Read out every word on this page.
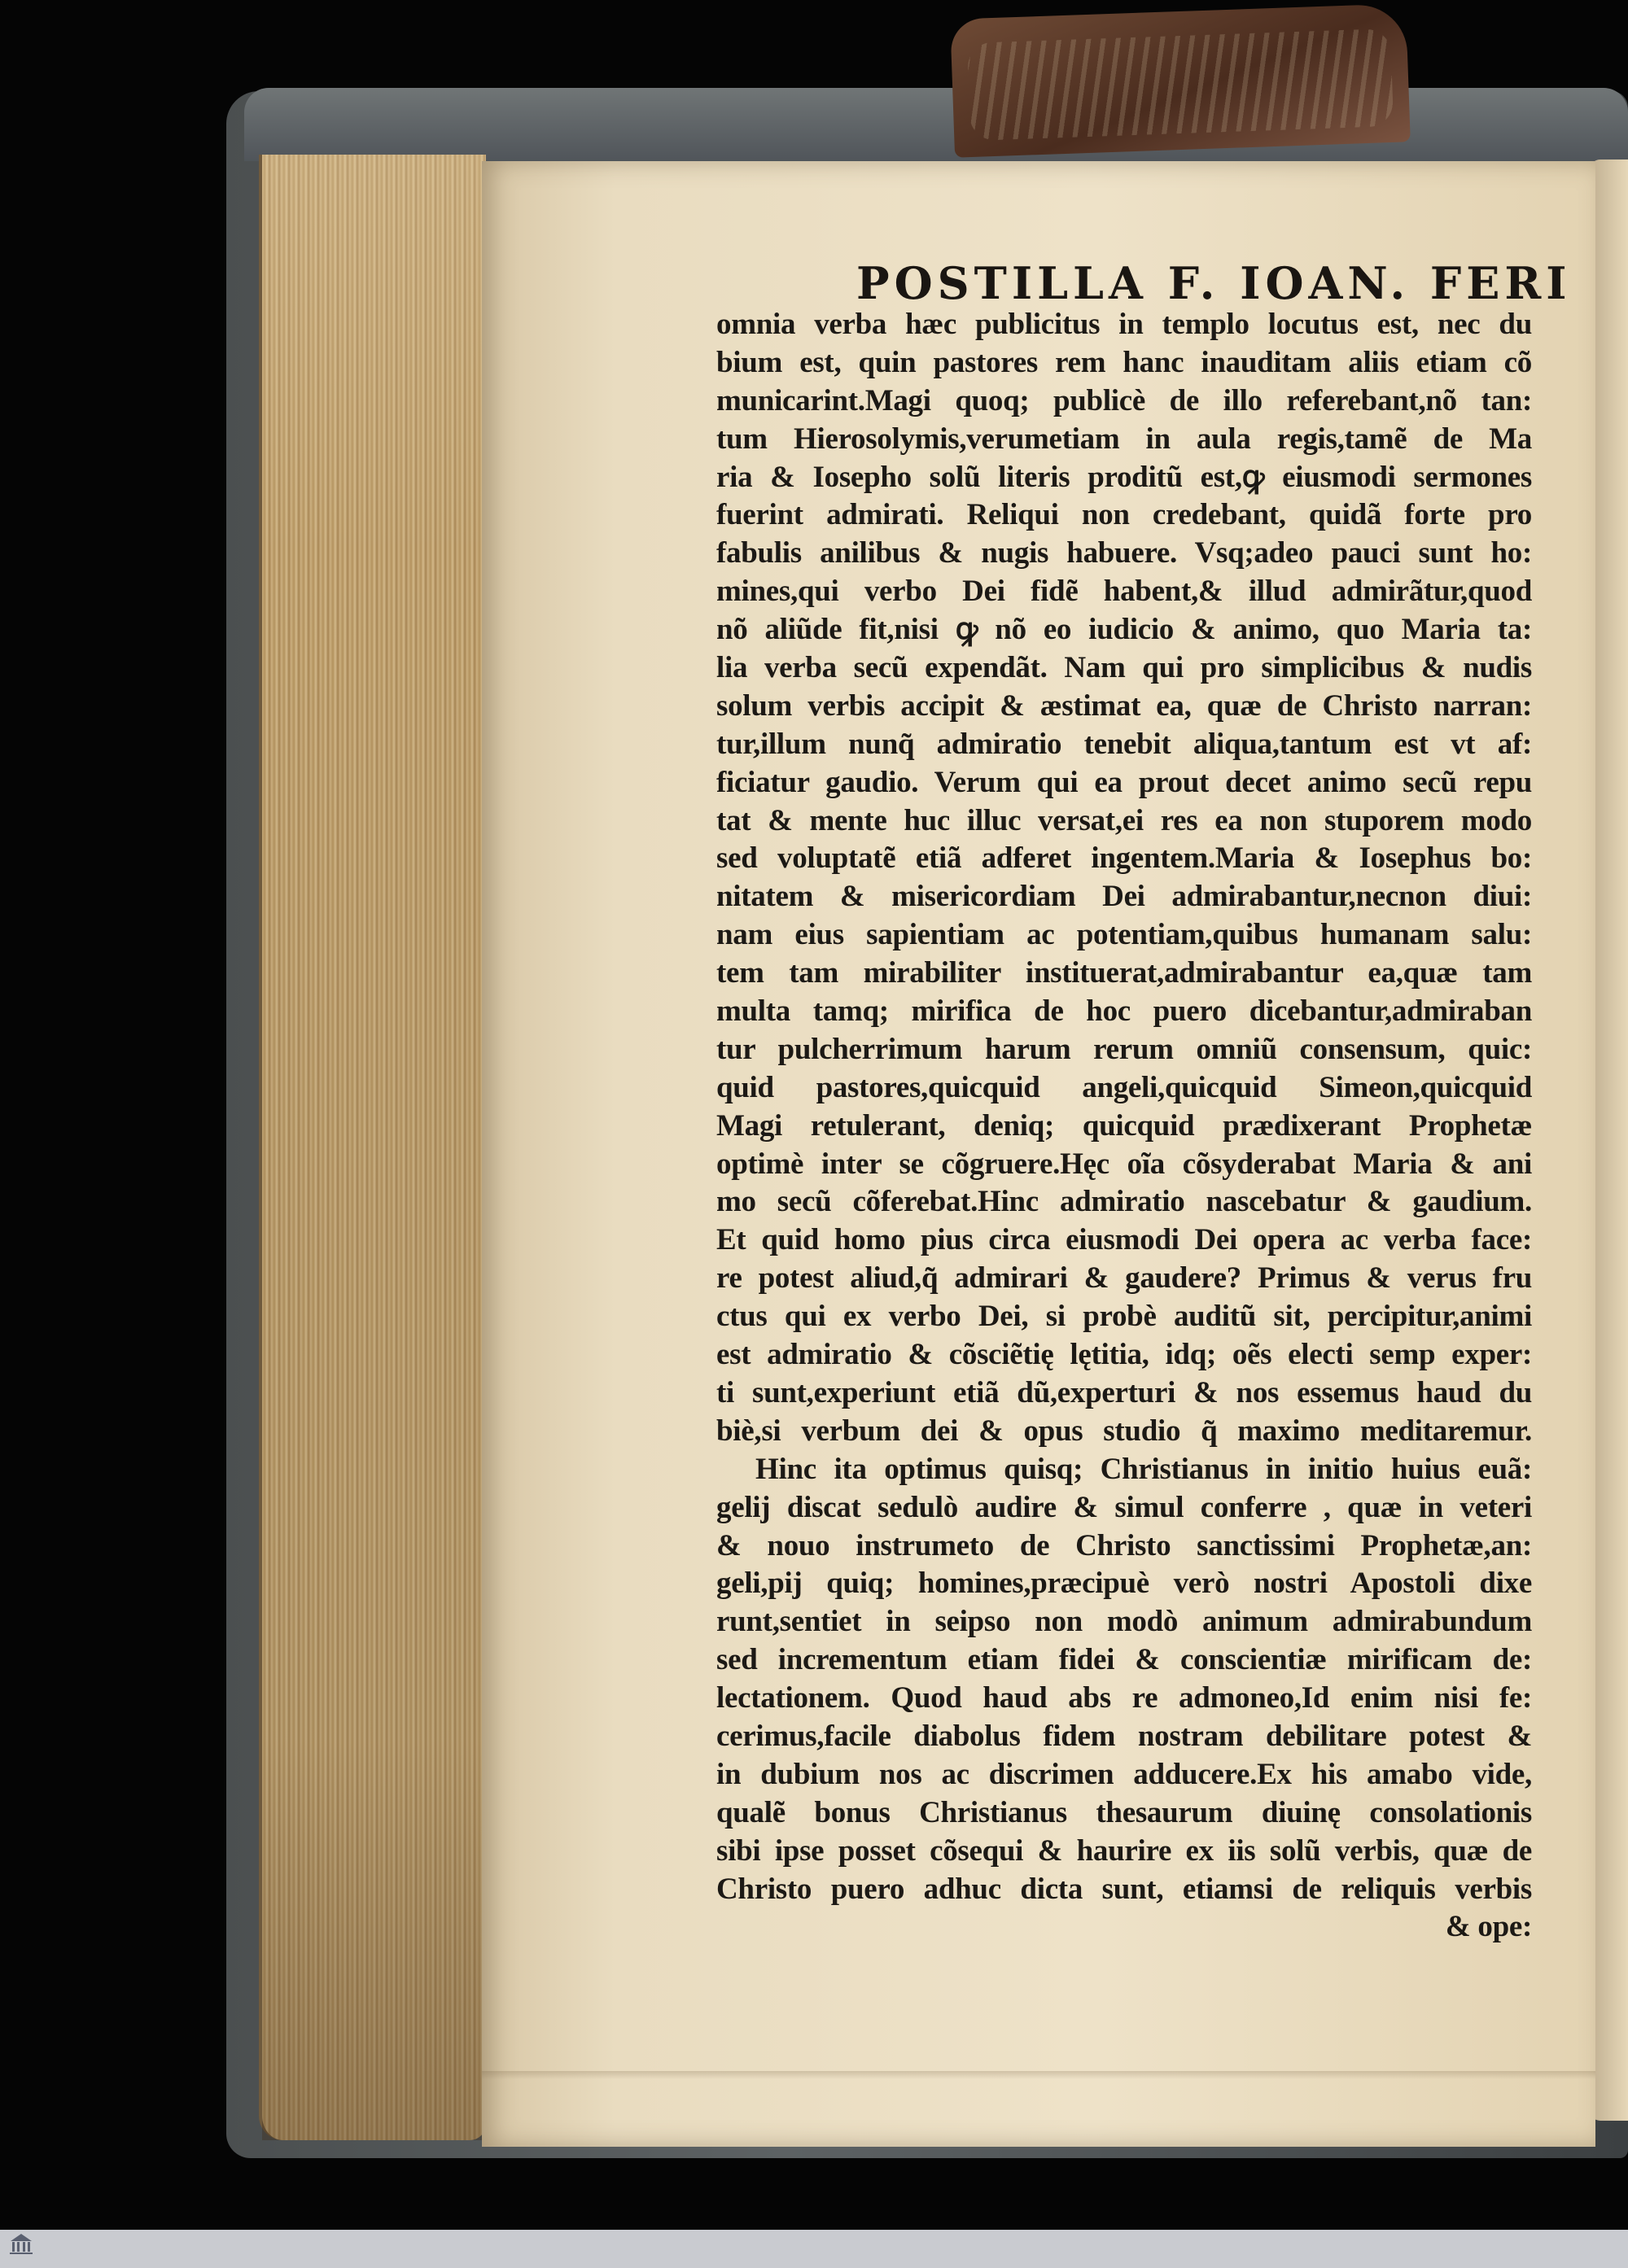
POSTILLA F. IOAN. FERI
omnia verba hæc publicitus in templo locutus est, nec du
bium est, quin pastores rem hanc inauditam aliis etiam cõ
municarint.Magi quoq; publicè de illo referebant,nõ tan:
tum Hierosolymis,verumetiam in aula regis,tamẽ de Ma
ria & Iosepho solũ literis proditũ est,ꝙ eiusmodi sermones
fuerint admirati. Reliqui non credebant, quidã forte pro
fabulis anilibus & nugis habuere. Vsq;adeo pauci sunt ho:
mines,qui verbo Dei fidẽ habent,& illud admirãtur,quod
nõ aliũde fit,nisi ꝙ nõ eo iudicio & animo, quo Maria ta:
lia verba secũ expendãt. Nam qui pro simplicibus & nudis
solum verbis accipit & æstimat ea, quæ de Christo narran:
tur,illum nunq̃ admiratio tenebit aliqua,tantum est vt af:
ficiatur gaudio. Verum qui ea prout decet animo secũ repu
tat & mente huc illuc versat,ei res ea non stuporem modo
sed voluptatẽ etiã adferet ingentem.Maria & Iosephus bo:
nitatem & misericordiam Dei admirabantur,necnon diui:
nam eius sapientiam ac potentiam,quibus humanam salu:
tem tam mirabiliter instituerat,admirabantur ea,quæ tam
multa tamq; mirifica de hoc puero dicebantur,admiraban
tur pulcherrimum harum rerum omniũ consensum, quic:
quid pastores,quicquid angeli,quicquid Simeon,quicquid
Magi retulerant, deniq; quicquid prædixerant Prophetæ
optimè inter se cõgruere.Hęc oĩa cõsyderabat Maria & ani
mo secũ cõferebat.Hinc admiratio nascebatur & gaudium.
Et quid homo pius circa eiusmodi Dei opera ac verba face:
re potest aliud,q̃ admirari & gaudere? Primus & verus fru
ctus qui ex verbo Dei, si probè auditũ sit, percipitur,animi
est admiratio & cõsciẽtię lętitia, idq; oẽs electi semp exper:
ti sunt,experiunt etiã dũ,experturi & nos essemus haud du
biè,si verbum dei & opus studio q̃ maximo meditaremur.
Hinc ita optimus quisq; Christianus in initio huius euã:
gelij discat sedulò audire & simul conferre , quæ in veteri
& nouo instrumeto de Christo sanctissimi Prophetæ,an:
geli,pij quiq; homines,præcipuè verò nostri Apostoli dixe
runt,sentiet in seipso non modò animum admirabundum
sed incrementum etiam fidei & conscientiæ mirificam de:
lectationem. Quod haud abs re admoneo,Id enim nisi fe:
cerimus,facile diabolus fidem nostram debilitare potest &
in dubium nos ac discrimen adducere.Ex his amabo vide,
qualẽ bonus Christianus thesaurum diuinę consolationis
sibi ipse posset cõsequi & haurire ex iis solũ verbis, quæ de
Christo puero adhuc dicta sunt, etiamsi de reliquis verbis
& ope:
